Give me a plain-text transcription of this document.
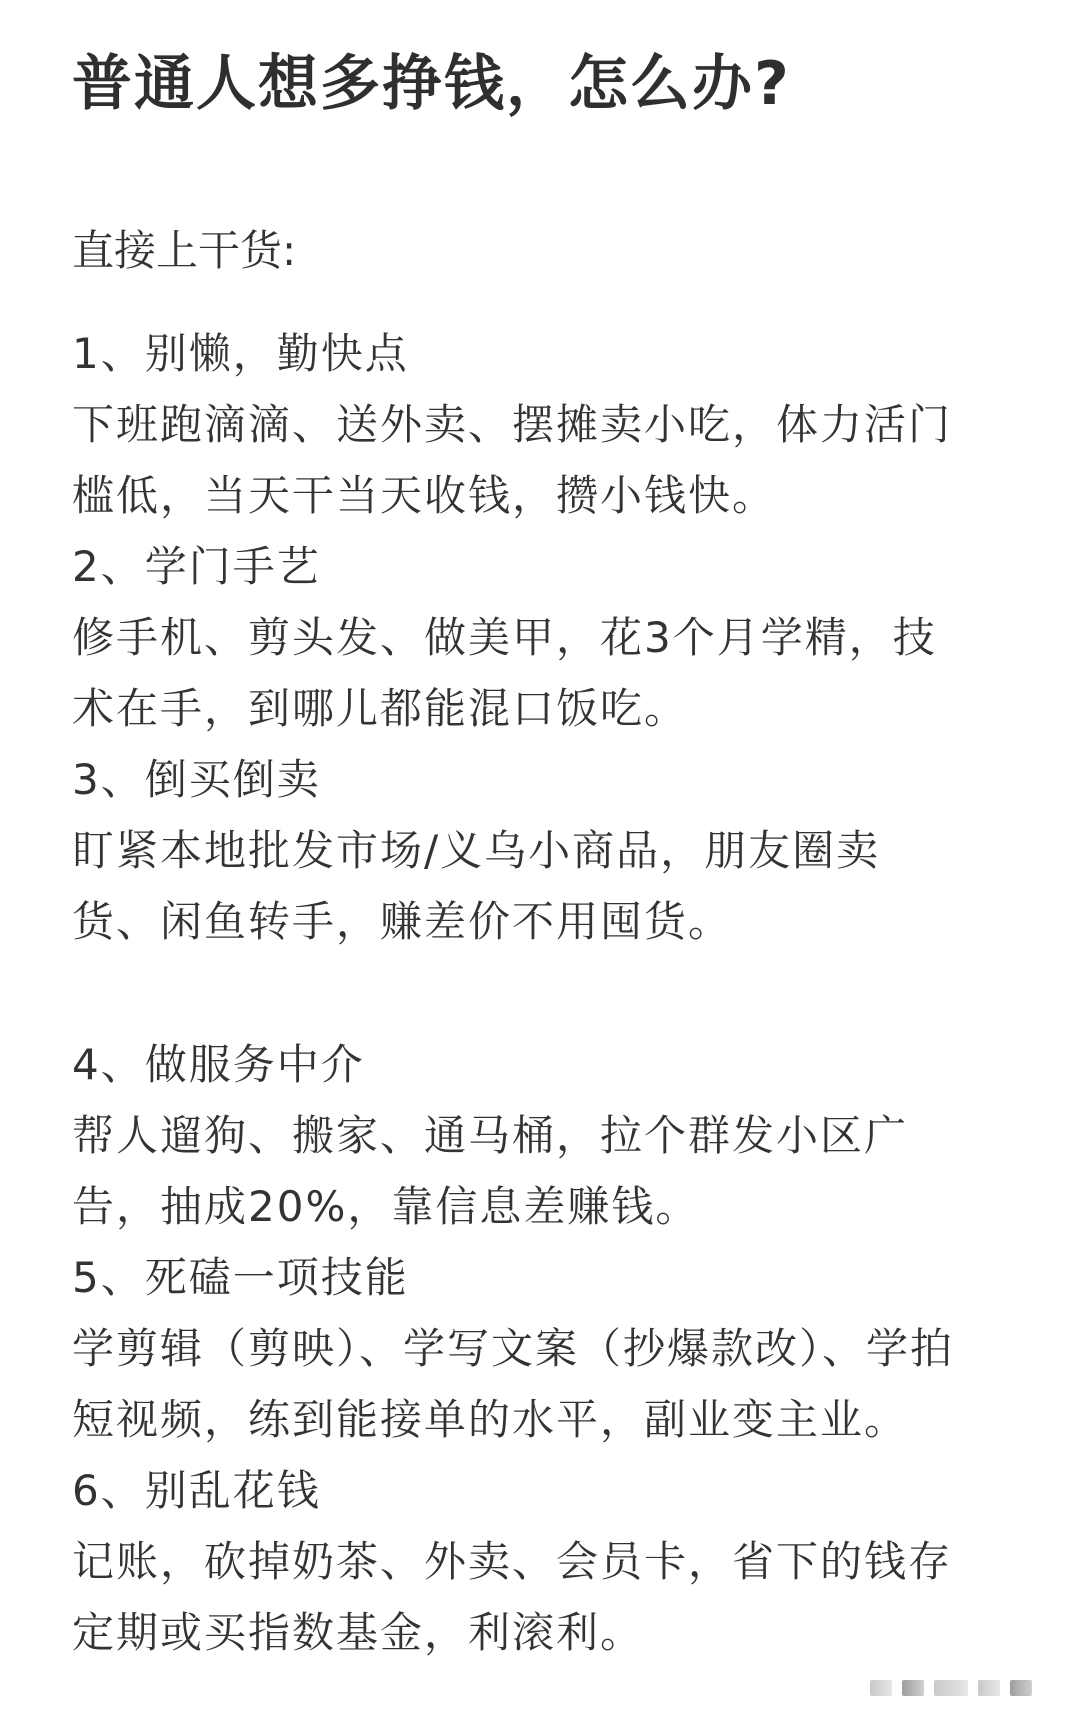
普通人想多挣钱，怎么办?
直接上干货:
1、别懒，勤快点
下班跑滴滴、送外卖、摆摊卖小吃，体力活门
槛低，当天干当天收钱，攒小钱快。
2、学门手艺
修手机、剪头发、做美甲，花3个月学精，技
术在手，到哪儿都能混口饭吃。
3、倒买倒卖
盯紧本地批发市场/义乌小商品，朋友圈卖
货、闲鱼转手，赚差价不用囤货。
4、做服务中介
帮人遛狗、搬家、通马桶，拉个群发小区广
告，抽成20%，靠信息差赚钱。
5、死磕一项技能
学剪辑（剪映）、学写文案（抄爆款改）、学拍
短视频，练到能接单的水平，副业变主业。
6、别乱花钱
记账，砍掉奶茶、外卖、会员卡，省下的钱存
定期或买指数基金，利滚利。
